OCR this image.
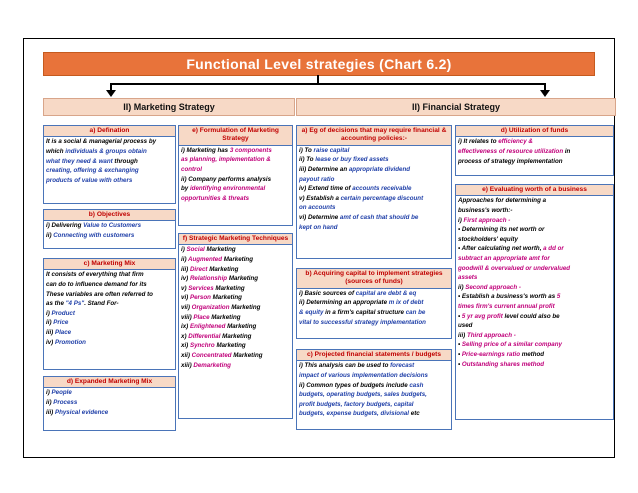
Functional Level strategies (Chart 6.2)
II) Marketing Strategy	II) Financial Strategy
a) Defination
It is a social & managerial process by
which individuals & groups obtain
what they need & want through
creating, offering & exchanging
products of value with others
b) Objectives
i) Delivering Value to Customers
ii) Connecting with customers
c) Marketing Mix
It consists of everything that firm
can do to influence demand for its
These variables are often referred to
as the "4 Ps". Stand For-
i) Product
ii) Price
iii) Place
iv) Promotion
d) Expanded Marketing Mix
i) People
ii) Process
iii) Physical evidence
e) Formulation of Marketing Strategy
i) Marketing has 3 components
as planning, implementation &
control
ii) Company performs analysis
by identifying environmental
opportunities & threats
f) Strategic Marketing Techniques
i) Social Marketing
ii) Augmented Marketing
iii) Direct Marketing
iv) Relationship Marketing
v) Services Marketing
vi) Person Marketing
vii) Organization Marketing
viii) Place Marketing
ix) Enlightened Marketing
x) Differential Marketing
xi) Synchro Marketing
xii) Concentrated Marketing
xiii) Demarketing
a) Eg of decisions that may require financial & accounting policies:-
i) To raise capital
ii) To lease or buy fixed assets
iii) Determine an appropriate dividend
payout ratio
iv) Extend time of accounts receivable
v) Establish a certain percentage discount
on accounts
vi) Determine amt of cash that should be
kept on hand
b) Acquiring capital to implement strategies (sources of funds)
i) Basic sources of capital are debt & eq
ii) Determining an appropriate m ix of debt
& equity in a firm's capital structure can be
vital to successful strategy implementation
c) Projected financial statements / budgets
i) This analysis can be used to forecast
impact of various implementation decisions
ii) Common types of budgets include cash
budgets, operating budgets, sales budgets,
profit budgets, factory budgets, capital
budgets, expense budgets, divisional etc
d) Utilization of funds
i) It relates to efficiency &
effectiveness of resource utilization in
process of strategy implementation
e) Evaluating worth of a business
Approaches for determining a
business's worth:-
i) First approach -
• Determining its net worth or
stockholders' equity
• After calculating net worth, a dd or
subtract an appropriate amt for
goodwill & overvalued or undervalued
assets
ii) Second approach -
• Establish a business's worth as 5
times firm's current annual profit
• 5 yr avg profit level could also be
used
iii) Third approach -
• Selling price of a similar company
• Price-earnings ratio method
• Outstanding shares method
